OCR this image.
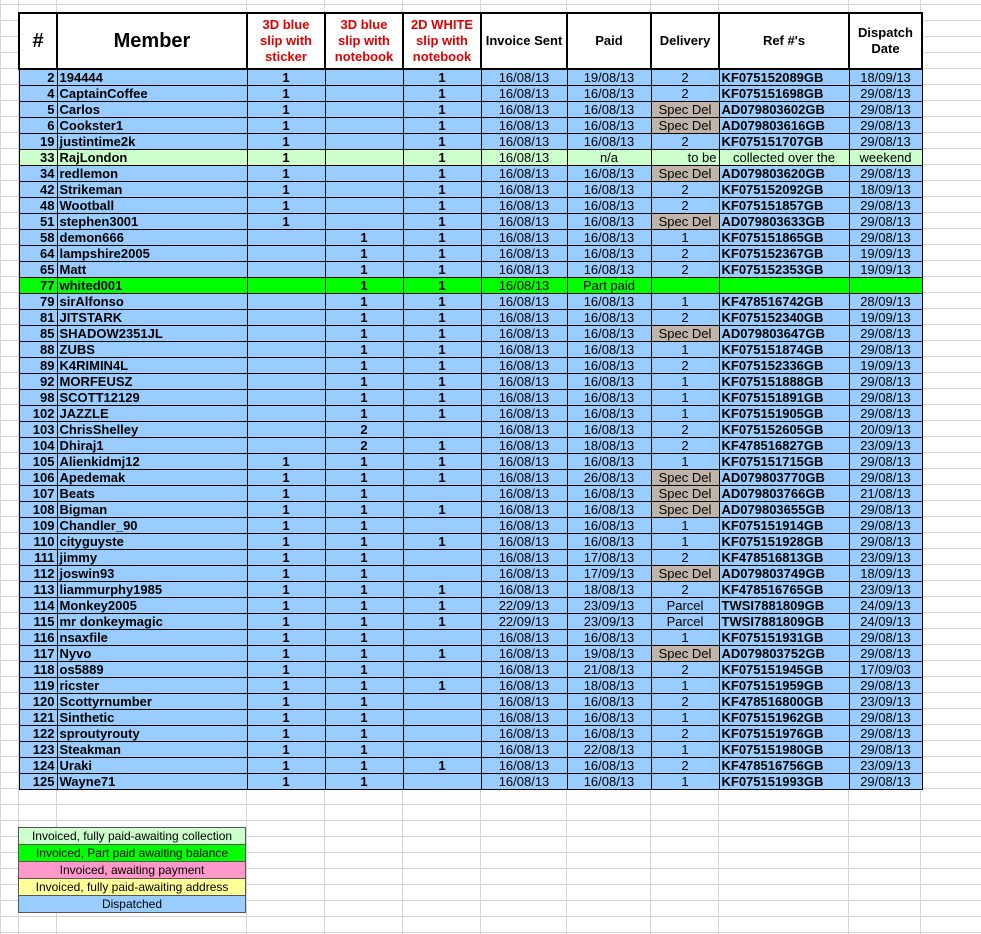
#	Member	3D blue slip with sticker	3D blue slip with notebook	2D WHITE slip with notebook	Invoice Sent	Paid	Delivery	Ref #'s	Dispatch Date
2	194444	1		1	16/08/13	19/08/13	2	KF075152089GB	18/09/13
4	CaptainCoffee	1		1	16/08/13	16/08/13	2	KF075151698GB	29/08/13
5	Carlos	1		1	16/08/13	16/08/13	Spec Del	AD079803602GB	29/08/13
6	Cookster1	1		1	16/08/13	16/08/13	Spec Del	AD079803616GB	29/08/13
19	justintime2k	1		1	16/08/13	16/08/13	2	KF075151707GB	29/08/13
33	RajLondon	1		1	16/08/13	n/a	to be	collected over the	weekend
34	redlemon	1		1	16/08/13	16/08/13	Spec Del	AD079803620GB	29/08/13
42	Strikeman	1		1	16/08/13	16/08/13	2	KF075152092GB	18/09/13
48	Wootball	1		1	16/08/13	16/08/13	2	KF075151857GB	29/08/13
51	stephen3001	1		1	16/08/13	16/08/13	Spec Del	AD079803633GB	29/08/13
58	demon666		1	1	16/08/13	16/08/13	1	KF075151865GB	29/08/13
64	lampshire2005		1	1	16/08/13	16/08/13	2	KF075152367GB	19/09/13
65	Matt		1	1	16/08/13	16/08/13	2	KF075152353GB	19/09/13
77	whited001		1	1	16/08/13	Part paid			
79	sirAlfonso		1	1	16/08/13	16/08/13	1	KF478516742GB	28/09/13
81	JITSTARK		1	1	16/08/13	16/08/13	2	KF075152340GB	19/09/13
85	SHADOW2351JL		1	1	16/08/13	16/08/13	Spec Del	AD079803647GB	29/08/13
88	ZUBS		1	1	16/08/13	16/08/13	1	KF075151874GB	29/08/13
89	K4RIMIN4L		1	1	16/08/13	16/08/13	2	KF075152336GB	19/09/13
92	MORFEUSZ		1	1	16/08/13	16/08/13	1	KF075151888GB	29/08/13
98	SCOTT12129		1	1	16/08/13	16/08/13	1	KF075151891GB	29/08/13
102	JAZZLE		1	1	16/08/13	16/08/13	1	KF075151905GB	29/08/13
103	ChrisShelley		2		16/08/13	16/08/13	2	KF075152605GB	20/09/13
104	Dhiraj1		2	1	16/08/13	18/08/13	2	KF478516827GB	23/09/13
105	Alienkidmj12	1	1	1	16/08/13	16/08/13	1	KF075151715GB	29/08/13
106	Apedemak	1	1	1	16/08/13	26/08/13	Spec Del	AD079803770GB	29/08/13
107	Beats	1	1		16/08/13	16/08/13	Spec Del	AD079803766GB	21/08/13
108	Bigman	1	1	1	16/08/13	16/08/13	Spec Del	AD079803655GB	29/08/13
109	Chandler_90	1	1		16/08/13	16/08/13	1	KF075151914GB	29/08/13
110	cityguyste	1	1	1	16/08/13	16/08/13	1	KF075151928GB	29/08/13
111	jimmy	1	1		16/08/13	17/08/13	2	KF478516813GB	23/09/13
112	joswin93	1	1		16/08/13	17/09/13	Spec Del	AD079803749GB	18/09/13
113	liammurphy1985	1	1	1	16/08/13	18/08/13	2	KF478516765GB	23/09/13
114	Monkey2005	1	1	1	22/09/13	23/09/13	Parcel	TWSI7881809GB	24/09/13
115	mr donkeymagic	1	1	1	22/09/13	23/09/13	Parcel	TWSI7881809GB	24/09/13
116	nsaxfile	1	1		16/08/13	16/08/13	1	KF075151931GB	29/08/13
117	Nyvo	1	1	1	16/08/13	19/08/13	Spec Del	AD079803752GB	29/08/13
118	os5889	1	1		16/08/13	21/08/13	2	KF075151945GB	17/09/03
119	ricster	1	1	1	16/08/13	18/08/13	1	KF075151959GB	29/08/13
120	Scottyrnumber	1	1		16/08/13	16/08/13	2	KF478516800GB	23/09/13
121	Sinthetic	1	1		16/08/13	16/08/13	1	KF075151962GB	29/08/13
122	sproutyrouty	1	1		16/08/13	16/08/13	2	KF075151976GB	29/08/13
123	Steakman	1	1		16/08/13	22/08/13	1	KF075151980GB	29/08/13
124	Uraki	1	1	1	16/08/13	16/08/13	2	KF478516756GB	23/09/13
125	Wayne71	1	1		16/08/13	16/08/13	1	KF075151993GB	29/08/13
Invoiced, fully paid-awaiting collection
Invoiced, Part paid awaiting balance
Invoiced, awaiting payment
Invoiced, fully paid-awaiting address
Dispatched
